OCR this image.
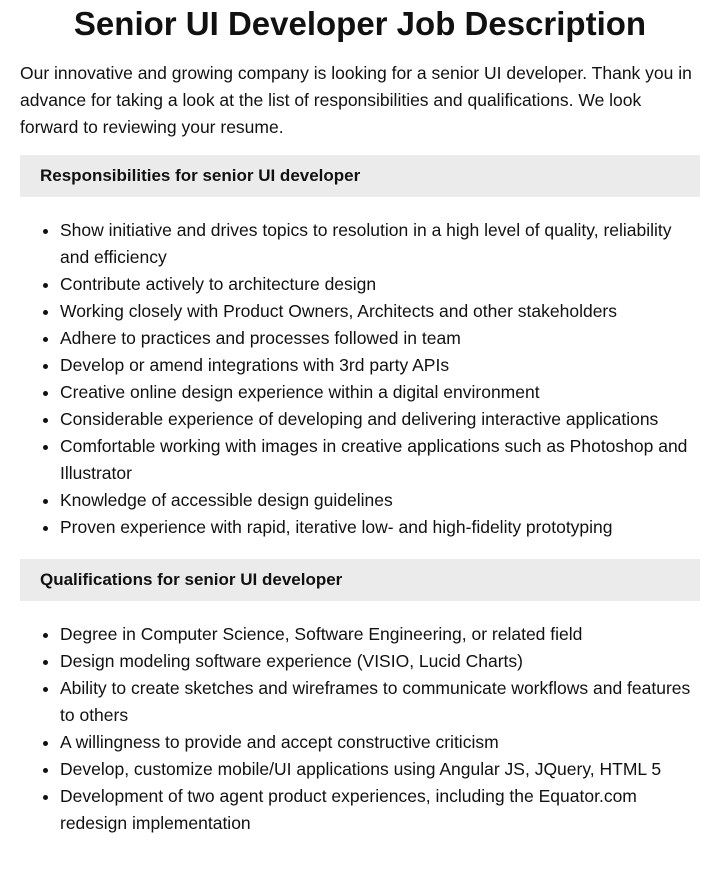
Senior UI Developer Job Description

Our innovative and growing company is looking for a senior UI developer. Thank you in advance for taking a look at the list of responsibilities and qualifications. We look forward to reviewing your resume.

Responsibilities for senior UI developer
• Show initiative and drives topics to resolution in a high level of quality, reliability and efficiency
• Contribute actively to architecture design
• Working closely with Product Owners, Architects and other stakeholders
• Adhere to practices and processes followed in team
• Develop or amend integrations with 3rd party APIs
• Creative online design experience within a digital environment
• Considerable experience of developing and delivering interactive applications
• Comfortable working with images in creative applications such as Photoshop and Illustrator
• Knowledge of accessible design guidelines
• Proven experience with rapid, iterative low- and high-fidelity prototyping
Qualifications for senior UI developer
• Degree in Computer Science, Software Engineering, or related field
• Design modeling software experience (VISIO, Lucid Charts)
• Ability to create sketches and wireframes to communicate workflows and features to others
• A willingness to provide and accept constructive criticism
• Develop, customize mobile/UI applications using Angular JS, JQuery, HTML 5
• Development of two agent product experiences, including the Equator.com redesign implementation
